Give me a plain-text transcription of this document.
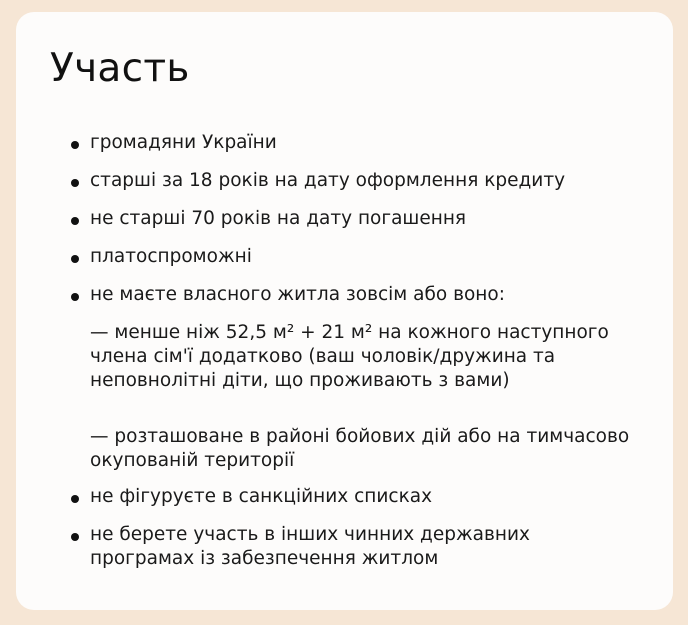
Участь
громадяни України
старші за 18 років на дату оформлення кредиту
не старші 70 років на дату погашення
платоспроможні
не маєте власного житла зовсім або воно:
— менше ніж 52,5 м² + 21 м² на кожного наступного
члена сім'ї додатково (ваш чоловік/дружина та
неповнолітні діти, що проживають з вами)
— розташоване в районі бойових дій або на тимчасово
окупованій території
не фігуруєте в санкційних списках
не берете участь в інших чинних державних
програмах із забезпечення житлом
